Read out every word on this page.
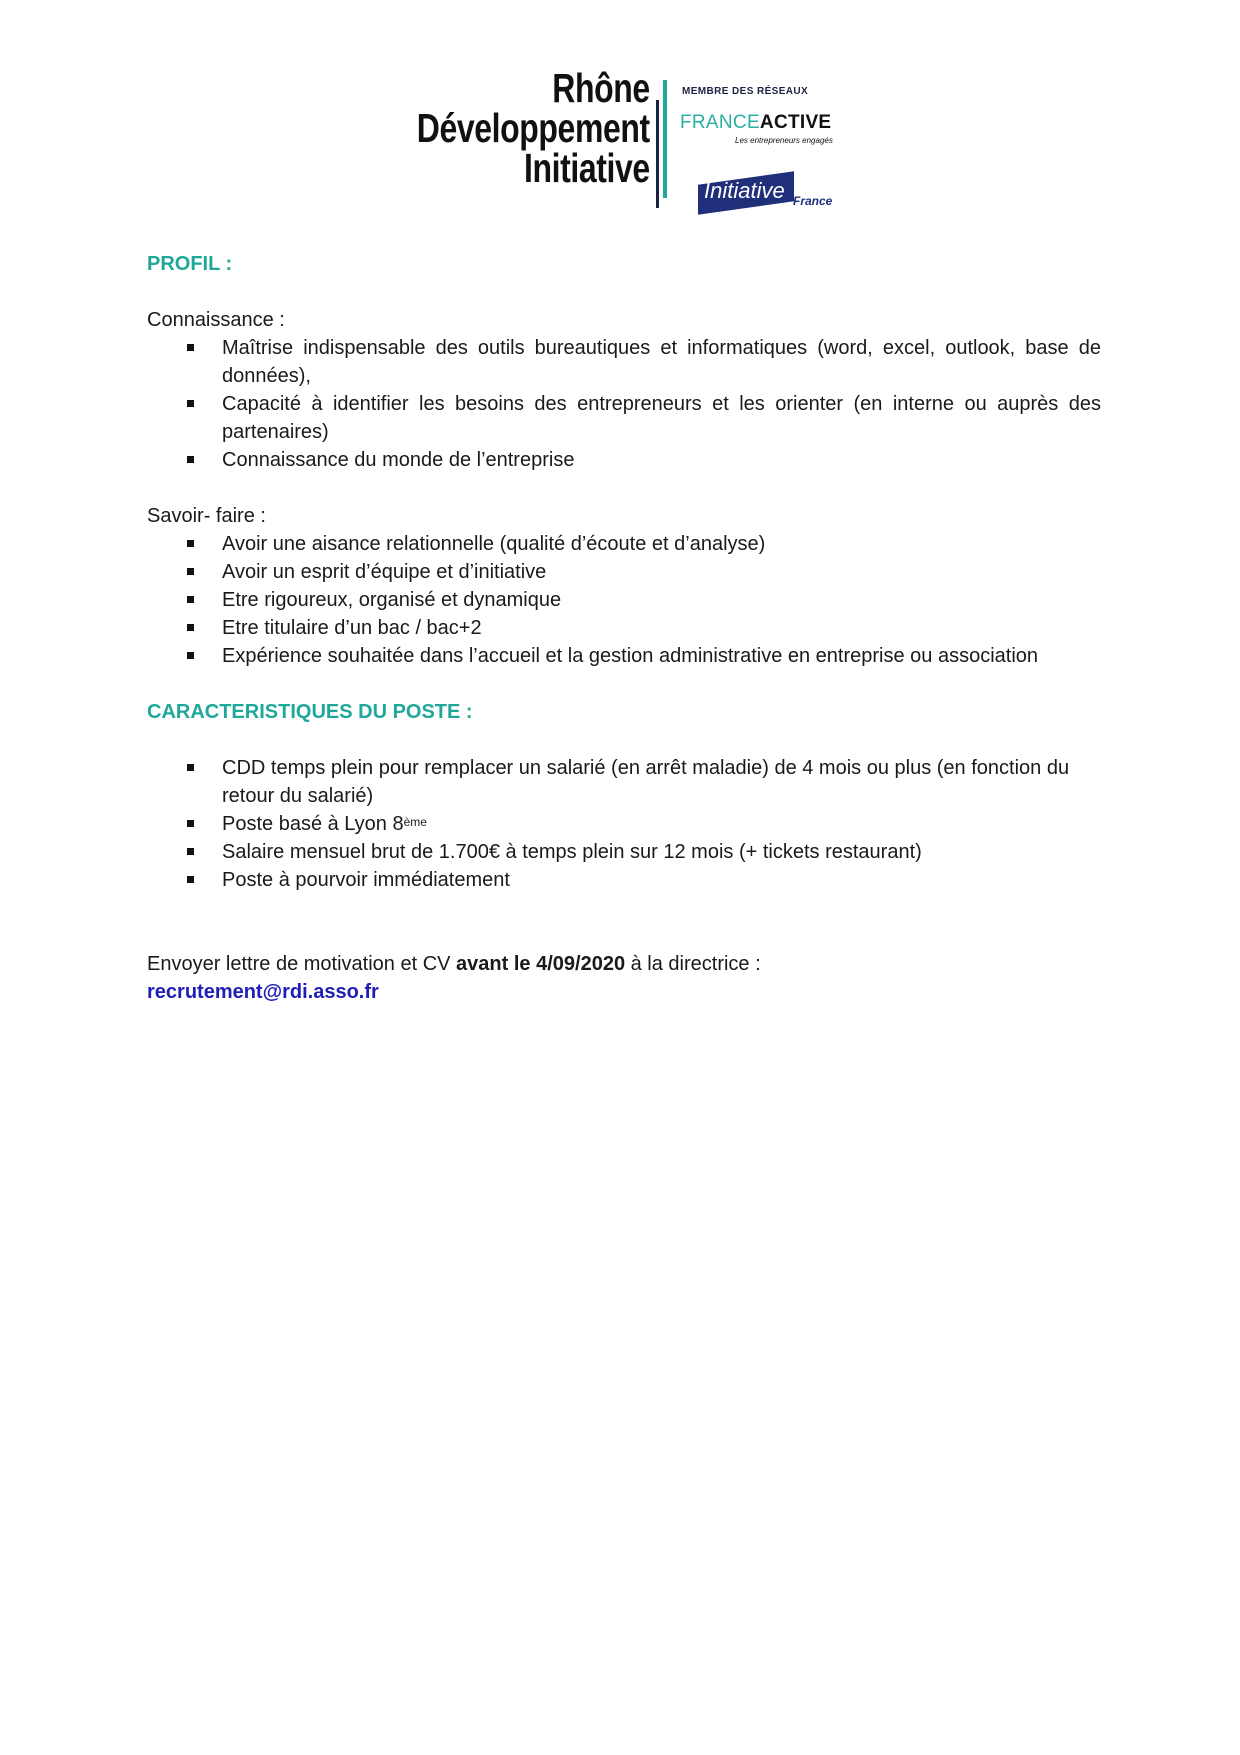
Rhône
Développement
Initiative
MEMBRE DES RÉSEAUX
FRANCEACTIVE
Les entrepreneurs engagés
Initiative France
PROFIL :

Connaissance :

Maîtrise indispensable des outils bureautiques et informatiques (word, excel, outlook, base de données),
Capacité à identifier les besoins des entrepreneurs et les orienter (en interne ou auprès des partenaires)
Connaissance du monde de l’entreprise

Savoir- faire :

Avoir une aisance relationnelle (qualité d’écoute et d’analyse)
Avoir un esprit d’équipe et d’initiative
Etre rigoureux, organisé et dynamique
Etre titulaire d’un bac / bac+2
Expérience souhaitée dans l’accueil et la gestion administrative en entreprise ou association
CARACTERISTIQUES DU POSTE :
CDD temps plein pour remplacer un salarié (en arrêt maladie) de 4 mois ou plus (en fonction du retour du salarié)
Poste basé à Lyon 8ème
Salaire mensuel brut de 1.700€ à temps plein sur 12 mois (+ tickets restaurant)
Poste à pourvoir immédiatement

Envoyer lettre de motivation et CV avant le 4/09/2020 à la directrice :

recrutement@rdi.asso.fr
